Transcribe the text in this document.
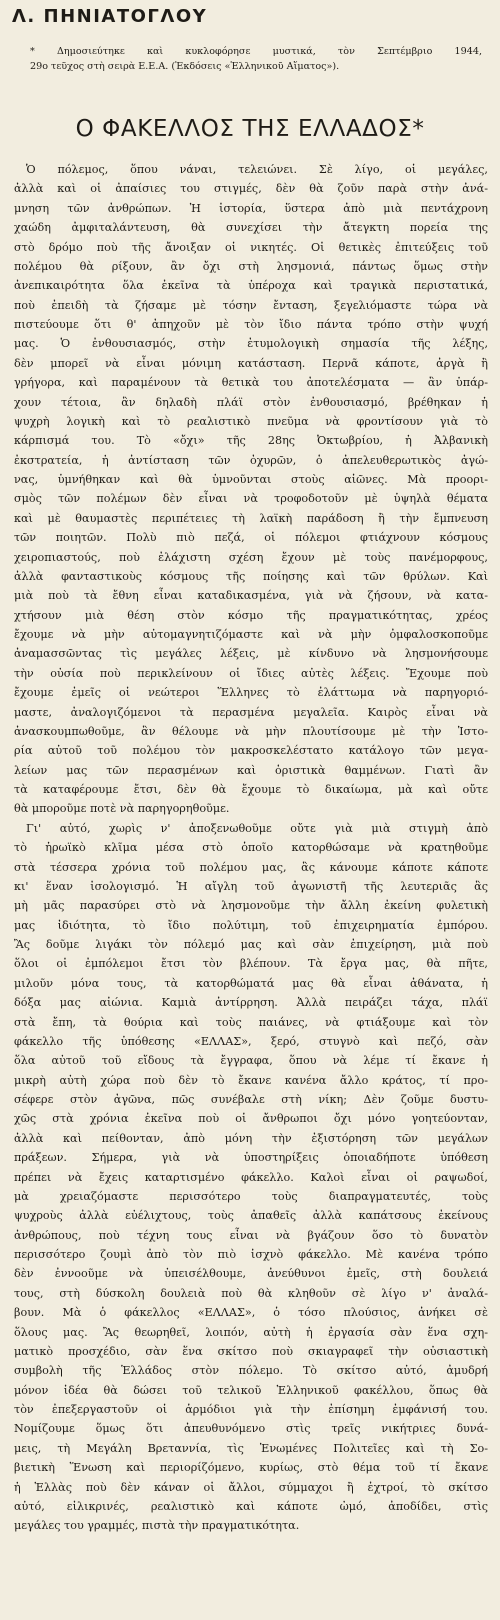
Λ. ΠΗΝΙΑΤΟΓΛΟΥ
* Δημοσιεύτηκε καὶ κυκλοφόρησε μυστικά, τὸν Σεπτέμβριο 1944,
29ο τεῦχος στὴ σειρὰ Ε.Ε.Α. (Ἐκδόσεις «Ἑλληνικοῦ Αἵματος»).
Ο ΦΑΚΕΛΛΟΣ ΤΗΣ ΕΛΛΑΔΟΣ*
Ὁ πόλεμος, ὅπου νάναι, τελειώνει. Σὲ λίγο, οἱ μεγάλες,
ἀλλὰ καὶ οἱ ἀπαίσιες του στιγμές, δὲν θὰ ζοῦν παρὰ στὴν ἀνά-
μνηση τῶν ἀνθρώπων. Ἡ ἱστορία, ὕστερα ἀπὸ μιὰ πεντάχρονη
χαώδη ἀμφιταλάντευση, θὰ συνεχίσει τὴν ἄτεγκτη πορεία της
στὸ δρόμο ποὺ τῆς ἄνοιξαν οἱ νικητές. Οἱ θετικὲς ἐπιτεύξεις τοῦ
πολέμου θὰ ρίξουν, ἂν ὄχι στὴ λησμονιά, πάντως ὅμως στὴν
ἀνεπικαιρότητα ὅλα ἐκεῖνα τὰ ὑπέροχα καὶ τραγικὰ περιστατικά,
ποὺ ἐπειδὴ τὰ ζήσαμε μὲ τόσην ἔνταση, ξεγελιόμαστε τώρα νὰ
πιστεύουμε ὅτι θ' ἀπηχοῦν μὲ τὸν ἴδιο πάντα τρόπο στὴν ψυχή
μας. Ὁ ἐνθουσιασμός, στὴν ἐτυμολογικὴ σημασία τῆς λέξης,
δὲν μπορεῖ νὰ εἶναι μόνιμη κατάσταση. Περνᾶ κάποτε, ἀργὰ ἢ
γρήγορα, καὶ παραμένουν τὰ θετικὰ του ἀποτελέσματα — ἂν ὑπάρ-
χουν τέτοια, ἂν δηλαδὴ πλάϊ στὸν ἐνθουσιασμό, βρέθηκαν ἡ
ψυχρὴ λογικὴ καὶ τὸ ρεαλιστικὸ πνεῦμα νὰ φροντίσουν γιὰ τὸ
κάρπισμά του. Τὸ «ὄχι» τῆς 28ης Ὀκτωβρίου, ἡ Ἀλβανικὴ
ἐκστρατεία, ἡ ἀντίσταση τῶν ὀχυρῶν, ὁ ἀπελευθερωτικὸς ἀγώ-
νας, ὑμνήθηκαν καὶ θὰ ὑμνοῦνται στοὺς αἰῶνες. Μὰ προορι-
σμὸς τῶν πολέμων δὲν εἶναι νὰ τροφοδοτοῦν μὲ ὑψηλὰ θέματα
καὶ μὲ θαυμαστὲς περιπέτειες τὴ λαϊκὴ παράδοση ἢ τὴν ἔμπνευση
τῶν ποιητῶν. Πολὺ πιὸ πεζά, οἱ πόλεμοι φτιάχνουν κόσμους
χειροπιαστούς, ποὺ ἐλάχιστη σχέση ἔχουν μὲ τοὺς πανέμορφους,
ἀλλὰ φανταστικοὺς κόσμους τῆς ποίησης καὶ τῶν θρύλων. Καὶ
μιὰ ποὺ τὰ ἔθνη εἶναι καταδικασμένα, γιὰ νὰ ζήσουν, νὰ κατα-
χτήσουν μιὰ θέση στὸν κόσμο τῆς πραγματικότητας, χρέος
ἔχουμε νὰ μὴν αὐτομαγνητιζόμαστε καὶ νὰ μὴν ὀμφαλοσκοποῦμε
ἀναμασσῶντας τὶς μεγάλες λέξεις, μὲ κίνδυνο νὰ λησμονήσουμε
τὴν οὐσία ποὺ περικλείνουν οἱ ἴδιες αὐτὲς λέξεις. Ἔχουμε ποὺ
ἔχουμε ἐμεῖς οἱ νεώτεροι Ἕλληνες τὸ ἐλάττωμα νὰ παρηγοριό-
μαστε, ἀναλογιζόμενοι τὰ περασμένα μεγαλεῖα. Καιρὸς εἶναι νὰ
ἀνασκουμπωθοῦμε, ἂν θέλουμε νὰ μὴν πλουτίσουμε μὲ τὴν Ἱστο-
ρία αὐτοῦ τοῦ πολέμου τὸν μακροσκελέστατο κατάλογο τῶν μεγα-
λείων μας τῶν περασμένων καὶ ὁριστικὰ θαμμένων. Γιατὶ ἂν
τὰ καταφέρουμε ἔτσι, δὲν θὰ ἔχουμε τὸ δικαίωμα, μὰ καὶ οὔτε
θὰ μποροῦμε ποτὲ νὰ παρηγορηθοῦμε.
Γι' αὐτό, χωρὶς ν' ἀποξενωθοῦμε οὔτε γιὰ μιὰ στιγμὴ ἀπὸ
τὸ ἡρωϊκὸ κλῖμα μέσα στὸ ὁποῖο κατορθώσαμε νὰ κρατηθοῦμε
στὰ τέσσερα χρόνια τοῦ πολέμου μας, ἂς κάνουμε κάποτε κάποτε
κι' ἕναν ἰσολογισμό. Ἡ αἴγλη τοῦ ἀγωνιστῆ τῆς λευτεριᾶς ἂς
μὴ μᾶς παρασύρει στὸ νὰ λησμονοῦμε τὴν ἄλλη ἐκείνη φυλετικὴ
μας ἰδιότητα, τὸ ἴδιο πολύτιμη, τοῦ ἐπιχειρηματία ἐμπόρου.
Ἂς δοῦμε λιγάκι τὸν πόλεμό μας καὶ σὰν ἐπιχείρηση, μιὰ ποὺ
ὅλοι οἱ ἐμπόλεμοι ἔτσι τὸν βλέπουν. Τὰ ἔργα μας, θὰ πῆτε,
μιλοῦν μόνα τους, τὰ κατορθώματά μας θὰ εἶναι ἀθάνατα, ἡ
δόξα μας αἰώνια. Καμιὰ ἀντίρρηση. Ἀλλὰ πειράζει τάχα, πλάϊ
στὰ ἔπη, τὰ θούρια καὶ τοὺς παιάνες, νὰ φτιάξουμε καὶ τὸν
φάκελλο τῆς ὑπόθεσης «ΕΛΛΑΣ», ξερό, στυγνὸ καὶ πεζό, σὰν
ὅλα αὐτοῦ τοῦ εἴδους τὰ ἔγγραφα, ὅπου νὰ λέμε τί ἔκανε ἡ
μικρὴ αὐτὴ χώρα ποὺ δὲν τὸ ἔκανε κανένα ἄλλο κράτος, τί προ-
σέφερε στὸν ἀγῶνα, πῶς συνέβαλε στὴ νίκη; Δὲν ζοῦμε δυστυ-
χῶς στὰ χρόνια ἐκεῖνα ποὺ οἱ ἄνθρωποι ὄχι μόνο γοητεύονταν,
ἀλλὰ καὶ πείθονταν, ἀπὸ μόνη τὴν ἐξιστόρηση τῶν μεγάλων
πράξεων. Σήμερα, γιὰ νὰ ὑποστηρίξεις ὁποιαδήποτε ὑπόθεση
πρέπει νὰ ἔχεις καταρτισμένο φάκελλο. Καλοὶ εἶναι οἱ ραψωδοί,
μὰ χρειαζόμαστε περισσότερο τοὺς διαπραγματευτές, τοὺς
ψυχροὺς ἀλλὰ εὐέλιχτους, τοὺς ἀπαθεῖς ἀλλὰ καπάτσους ἐκείνους
ἀνθρώπους, ποὺ τέχνη τους εἶναι νὰ βγάζουν ὅσο τὸ δυνατὸν
περισσότερο ζουμὶ ἀπὸ τὸν πιὸ ἰσχνὸ φάκελλο. Μὲ κανένα τρόπο
δὲν ἐννοοῦμε νὰ ὑπεισέλθουμε, ἀνεύθυνοι ἐμεῖς, στὴ δουλειά
τους, στὴ δύσκολη δουλειὰ ποὺ θὰ κληθοῦν σὲ λίγο ν' ἀναλά-
βουν. Μὰ ὁ φάκελλος «ΕΛΛΑΣ», ὁ τόσο πλούσιος, ἀνήκει σὲ
ὅλους μας. Ἂς θεωρηθεῖ, λοιπόν, αὐτὴ ἡ ἐργασία σὰν ἕνα σχη-
ματικὸ προσχέδιο, σὰν ἕνα σκίτσο ποὺ σκιαγραφεῖ τὴν οὐσιαστικὴ
συμβολὴ τῆς Ἑλλάδος στὸν πόλεμο. Τὸ σκίτσο αὐτό, ἀμυδρή
μόνον ἰδέα θὰ δώσει τοῦ τελικοῦ Ἑλληνικοῦ φακέλλου, ὅπως θὰ
τὸν ἐπεξεργαστοῦν οἱ ἁρμόδιοι γιὰ τὴν ἐπίσημη ἐμφάνισή του.
Νομίζουμε ὅμως ὅτι ἀπευθυνόμενο στὶς τρεῖς νικήτριες δυνά-
μεις, τὴ Μεγάλη Βρεταννία, τὶς Ἑνωμένες Πολιτεῖες καὶ τὴ Σο-
βιετικὴ Ἕνωση καὶ περιορίζόμενο, κυρίως, στὸ θέμα τοῦ τί ἔκανε
ἡ Ἑλλὰς ποὺ δὲν κάναν οἱ ἄλλοι, σύμμαχοι ἢ ἐχτροί, τὸ σκίτσο
αὐτό, εἰλικρινές, ρεαλιστικὸ καὶ κάποτε ὠμό, ἀποδίδει, στὶς
μεγάλες του γραμμές, πιστὰ τὴν πραγματικότητα.
